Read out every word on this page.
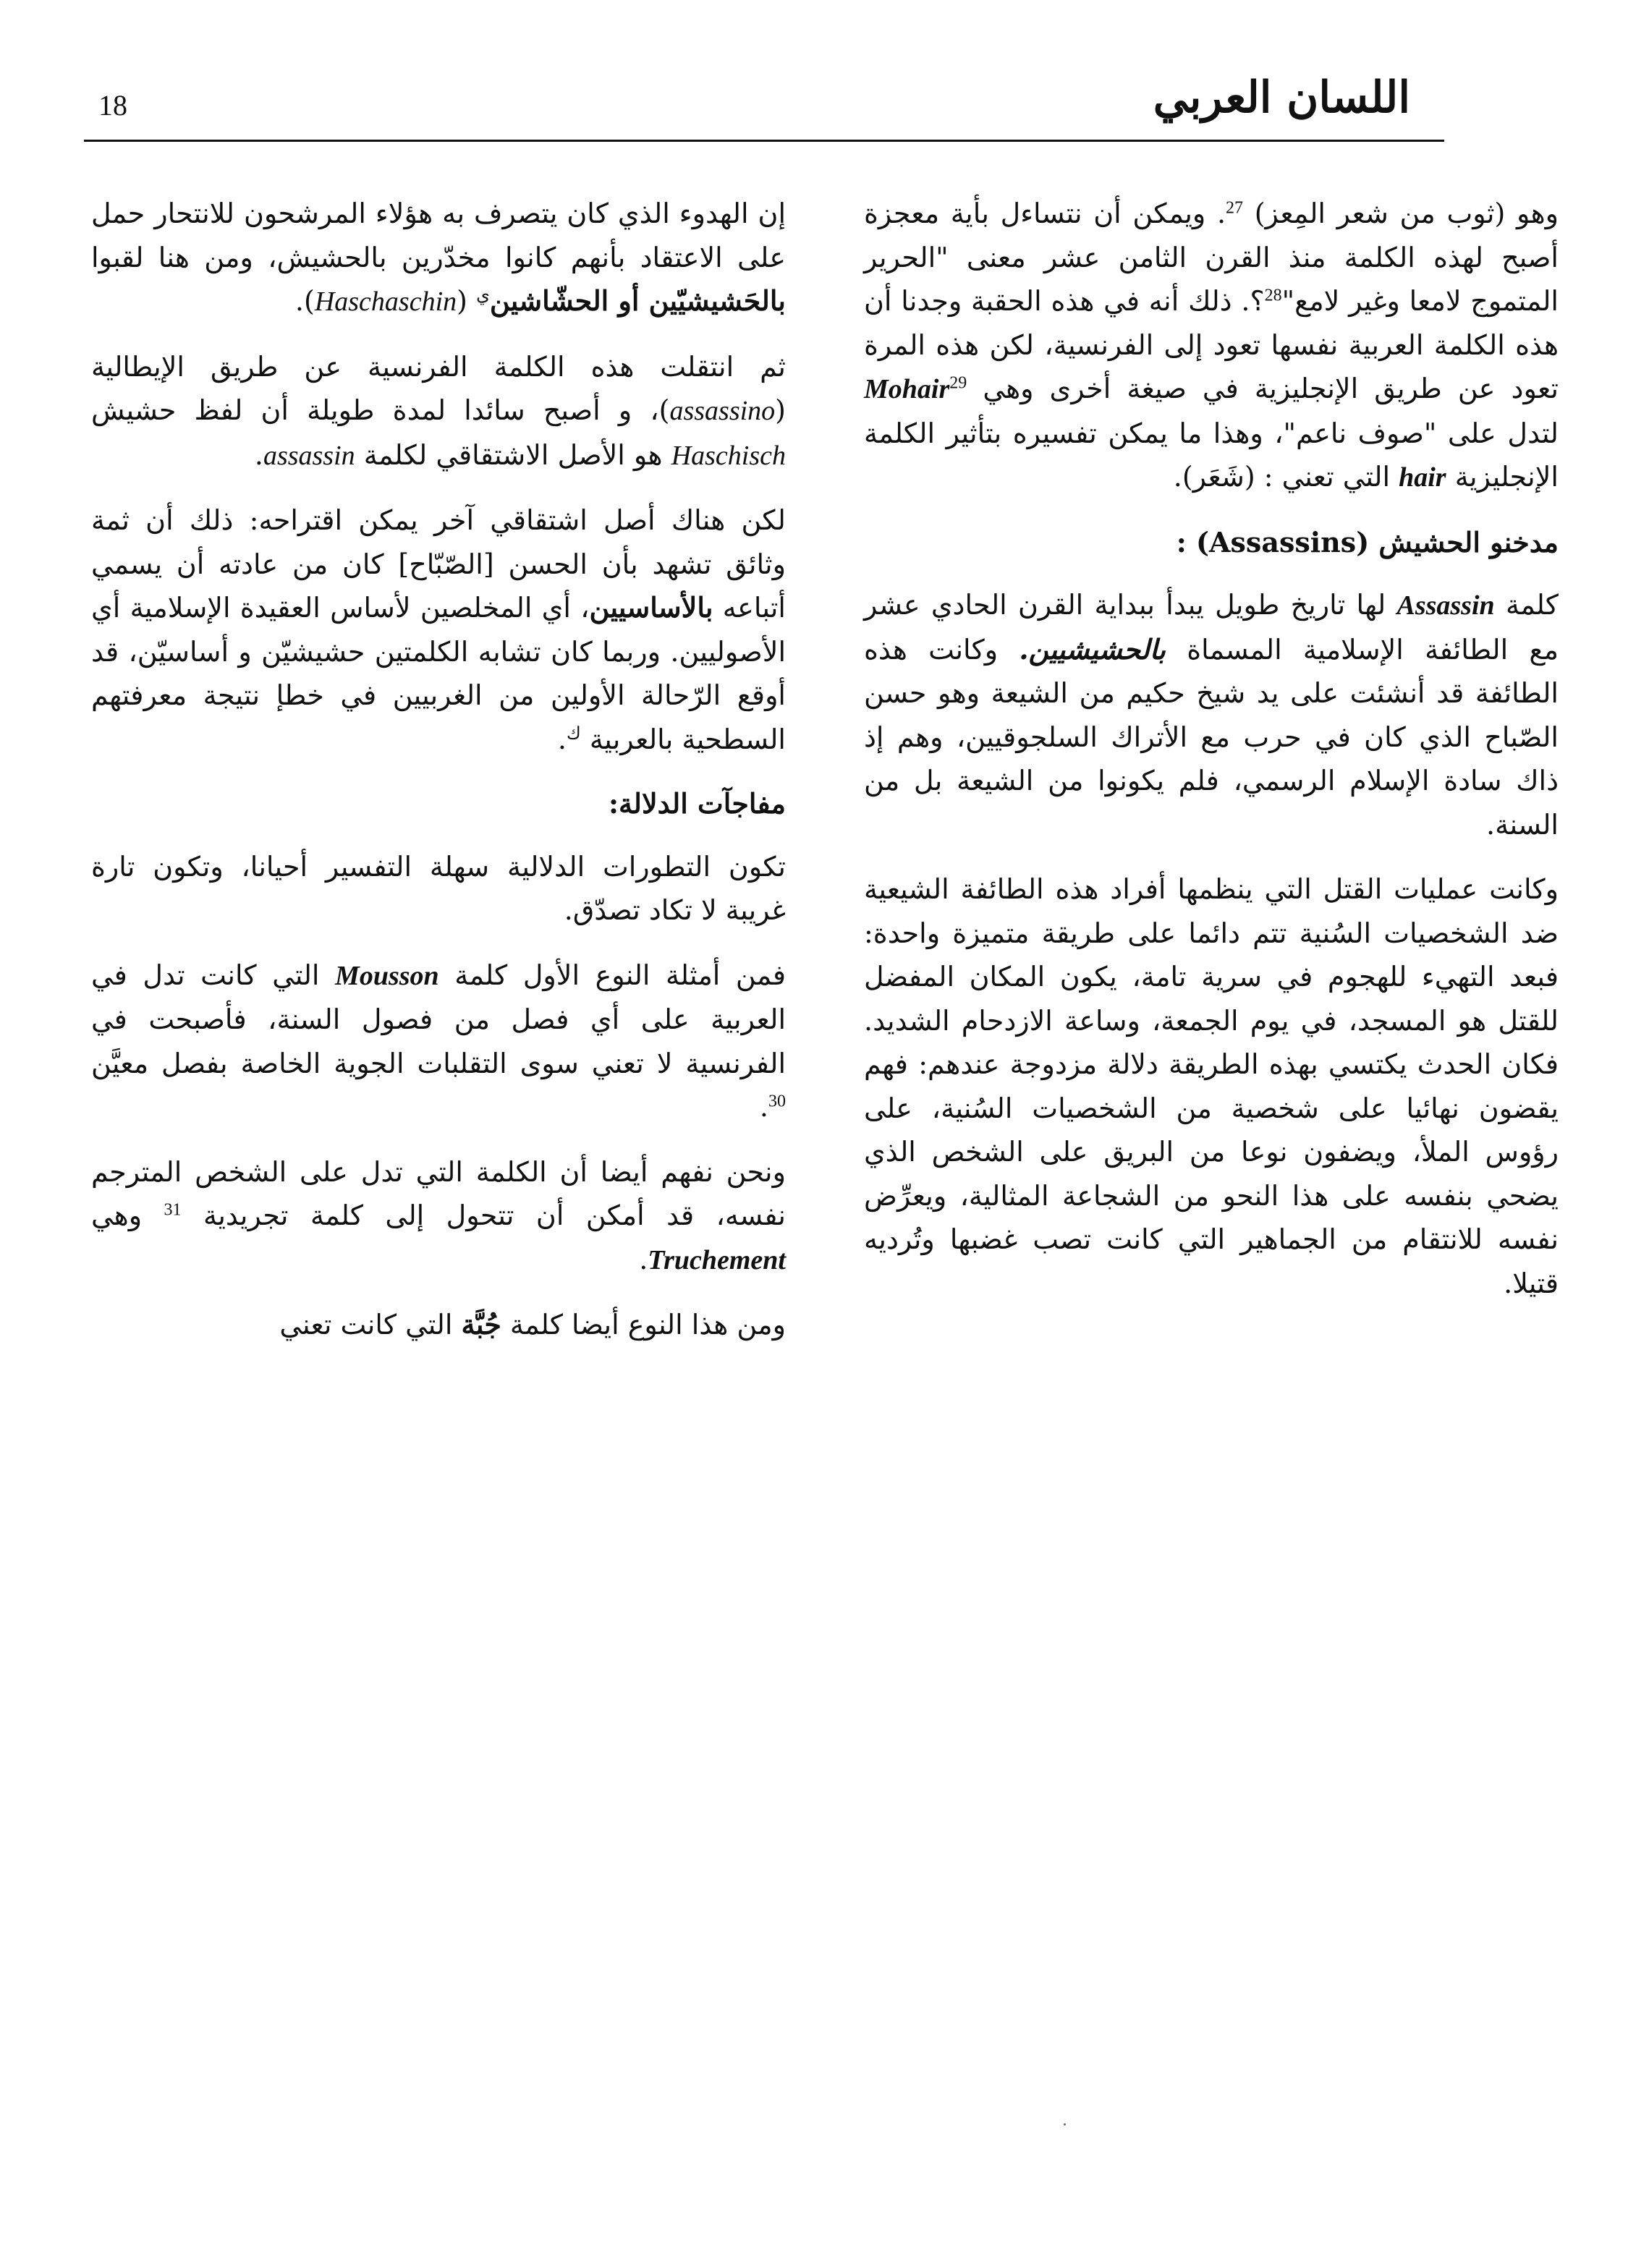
18	اللسان العربي

وهو (ثوب من شعر المِعز) $^{27}$. ويمكن أن نتساءل بأية معجزة أصبح لهذه الكلمة منذ القرن الثامن عشر معنى "الحرير المتموج لامعا وغير لامع"$^{28}$؟. ذلك أنه في هذه الحقبة وجدنا أن هذه الكلمة العربية نفسها تعود إلى الفرنسية، لكن هذه المرة تعود عن طريق الإنجليزية في صيغة أخرى وهي $^{29}$Mohair لتدل على "صوف ناعم"، وهذا ما يمكن تفسيره بتأثير الكلمة الإنجليزية hair التي تعني : (شَعَر).

مدخنو الحشيش (Assassins) :

كلمة Assassin لها تاريخ طويل يبدأ ببداية القرن الحادي عشر مع الطائفة الإسلامية المسماة بالحشيشيين. وكانت هذه الطائفة قد أنشئت على يد شيخ حكيم من الشيعة وهو حسن الصّباح الذي كان في حرب مع الأتراك السلجوقيين، وهم إذ ذاك سادة الإسلام الرسمي، فلم يكونوا من الشيعة بل من السنة.

وكانت عمليات القتل التي ينظمها أفراد هذه الطائفة الشيعية ضد الشخصيات السُنية تتم دائما على طريقة متميزة واحدة: فبعد التهيء للهجوم في سرية تامة، يكون المكان المفضل للقتل هو المسجد، في يوم الجمعة، وساعة الازدحام الشديد. فكان الحدث يكتسي بهذه الطريقة دلالة مزدوجة عندهم: فهم يقضون نهائيا على شخصية من الشخصيات السُنية، على رؤوس الملأ، ويضفون نوعا من البريق على الشخص الذي يضحي بنفسه على هذا النحو من الشجاعة المثالية، ويعرِّض نفسه للانتقام من الجماهير التي كانت تصب غضبها وتُرديه قتيلا.

إن الهدوء الذي كان يتصرف به هؤلاء المرشحون للانتحار حمل على الاعتقاد بأنهم كانوا مخدّرين بالحشيش، ومن هنا لقبوا بالحَشيشيّين أو الحشّاشين$^ي$ (Haschaschin).

ثم انتقلت هذه الكلمة الفرنسية عن طريق الإيطالية (assassino)، و أصبح سائدا لمدة طويلة أن لفظ حشيش Haschisch هو الأصل الاشتقاقي لكلمة assassin.

لكن هناك أصل اشتقاقي آخر يمكن اقتراحه: ذلك أن ثمة وثائق تشهد بأن الحسن [الصّبّاح] كان من عادته أن يسمي أتباعه بالأساسيين، أي المخلصين لأساس العقيدة الإسلامية أي الأصوليين. وربما كان تشابه الكلمتين حشيشيّن و أساسيّن، قد أوقع الرّحالة الأولين من الغربيين في خطإ نتيجة معرفتهم السطحية بالعربية $^ك$.

مفاجآت الدلالة:

تكون التطورات الدلالية سهلة التفسير أحيانا، وتكون تارة غريبة لا تكاد تصدّق.

فمن أمثلة النوع الأول كلمة Mousson التي كانت تدل في العربية على أي فصل من فصول السنة، فأصبحت في الفرنسية لا تعني سوى التقلبات الجوية الخاصة بفصل معيَّن $^{30}$.

ونحن نفهم أيضا أن الكلمة التي تدل على الشخص المترجم نفسه، قد أمكن أن تتحول إلى كلمة تجريدية $^{31}$ وهي Truchement.

ومن هذا النوع أيضا كلمة جُبَّة التي كانت تعني
